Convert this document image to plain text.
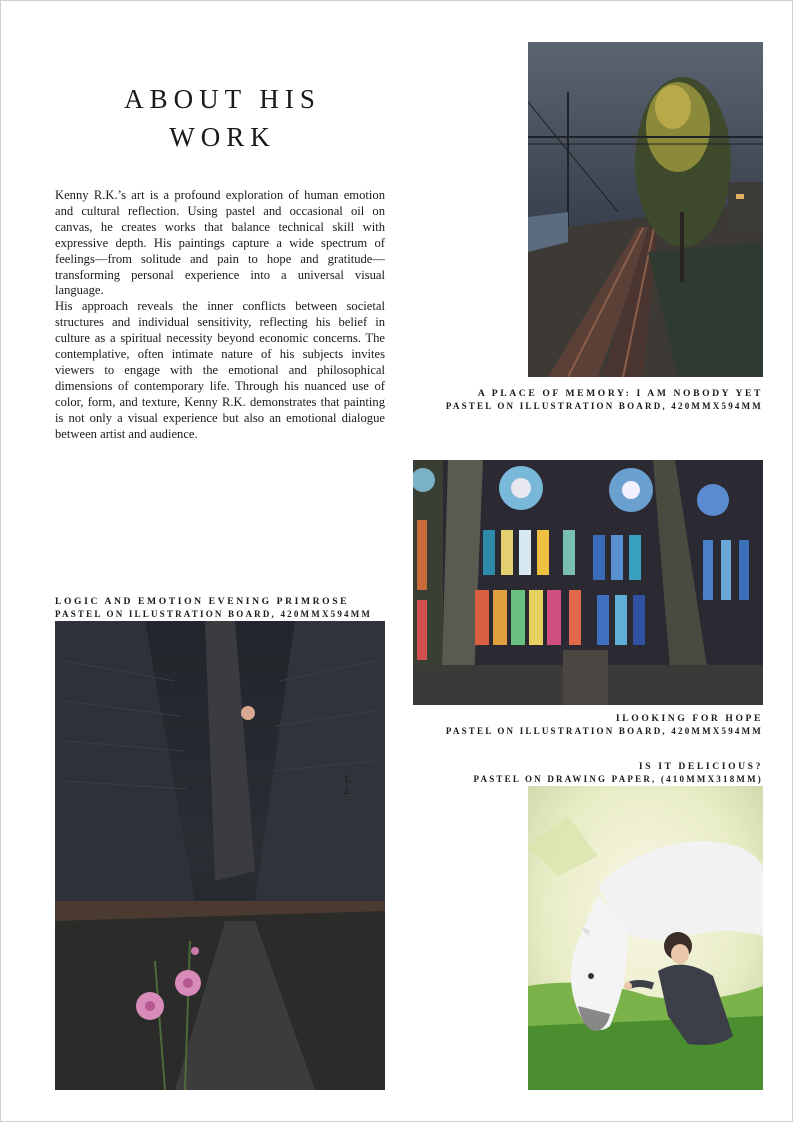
ABOUT HIS
WORK

Kenny R.K.’s art is a profound exploration of human emotion and cultural reflection. Using pastel and occasional oil on canvas, he creates works that balance technical skill with expressive depth. His paintings capture a wide spectrum of feelings—from solitude and pain to hope and gratitude—transforming personal experience into a universal visual language.

His approach reveals the inner conflicts between societal structures and individual sensitivity, reflecting his belief in culture as a spiritual necessity beyond economic concerns. The contemplative, often intimate nature of his subjects invites viewers to engage with the emotional and philosophical dimensions of contemporary life. Through his nuanced use of color, form, and texture, Kenny R.K. demonstrates that painting is not only a visual experience but also an emotional dialogue between artist and audience.

A PLACE OF MEMORY: I AM NOBODY YET
PASTEL ON ILLUSTRATION BOARD, 420MMX594MM
ILOOKING FOR HOPE
PASTEL ON ILLUSTRATION BOARD, 420MMX594MM
IS IT DELICIOUS?
PASTEL ON DRAWING PAPER, (410MMX318MM)
LOGIC AND EMOTION EVENING PRIMROSE
PASTEL ON ILLUSTRATION BOARD, 420MMX594MM
1.
2.
